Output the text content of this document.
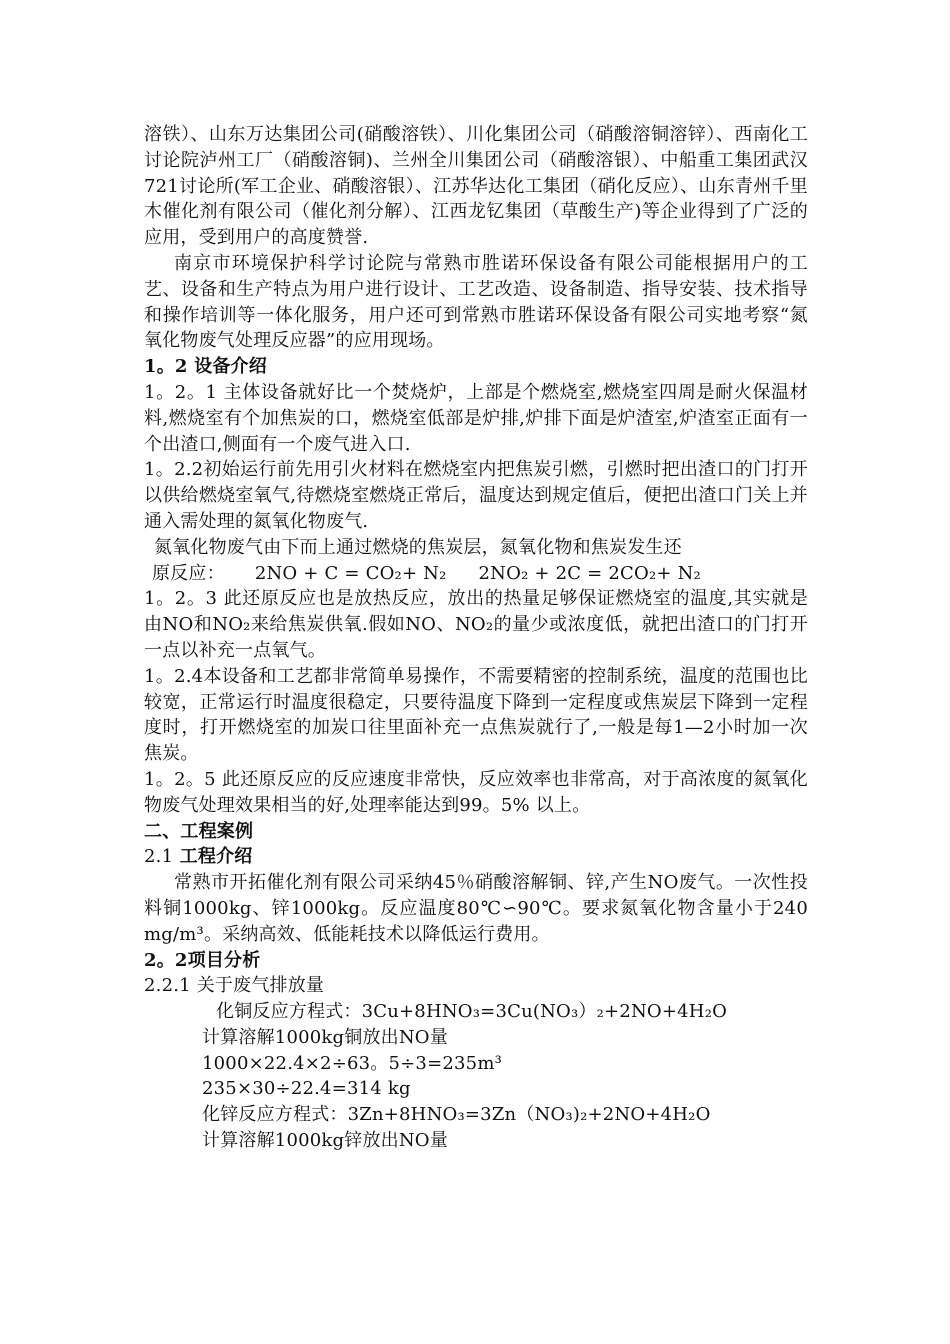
溶铁）、山东万达集团公司(硝酸溶铁）、川化集团公司（硝酸溶铜溶锌）、西南化工讨论院泸州工厂（硝酸溶铜)、兰州全川集团公司（硝酸溶银）、中船重工集团武汉721讨论所(军工企业、硝酸溶银）、江苏华达化工集团（硝化反应）、山东青州千里木催化剂有限公司（催化剂分解）、江西龙钇集团（草酸生产)等企业得到了广泛的应用，受到用户的高度赞誉.

南京市环境保护科学讨论院与常熟市胜诺环保设备有限公司能根据用户的工艺、设备和生产特点为用户进行设计、工艺改造、设备制造、指导安装、技术指导和操作培训等一体化服务，用户还可到常熟市胜诺环保设备有限公司实地考察“氮氧化物废气处理反应器”的应用现场。

1。2 设备介绍

1。2。1 主体设备就好比一个焚烧炉，上部是个燃烧室,燃烧室四周是耐火保温材料,燃烧室有个加焦炭的口，燃烧室低部是炉排,炉排下面是炉渣室,炉渣室正面有一个出渣口,侧面有一个废气进入口.

1。2.2初始运行前先用引火材料在燃烧室内把焦炭引燃，引燃时把出渣口的门打开以供给燃烧室氧气,待燃烧室燃烧正常后，温度达到规定值后，便把出渣口门关上并通入需处理的氮氧化物废气.

氮氧化物废气由下而上通过燃烧的焦炭层，氮氧化物和焦炭发生还

原反应： 2NO + C = CO₂+ N₂ 2NO₂ + 2C = 2CO₂+ N₂

1。2。3 此还原反应也是放热反应，放出的热量足够保证燃烧室的温度,其实就是由NO和NO₂来给焦炭供氧.假如NO、NO₂的量少或浓度低，就把出渣口的门打开一点以补充一点氧气。

1。2.4本设备和工艺都非常简单易操作，不需要精密的控制系统，温度的范围也比较宽，正常运行时温度很稳定，只要待温度下降到一定程度或焦炭层下降到一定程度时，打开燃烧室的加炭口往里面补充一点焦炭就行了,一般是每1—2小时加一次焦炭。

1。2。5 此还原反应的反应速度非常快，反应效率也非常高，对于高浓度的氮氧化物废气处理效果相当的好,处理率能达到99。5% 以上。

二、工程案例

2.1 工程介绍

常熟市开拓催化剂有限公司采纳45％硝酸溶解铜、锌,产生NO废气。一次性投料铜1000kg、锌1000kg。反应温度80℃∽90℃。要求氮氧化物含量小于240 mg/m³。采纳高效、低能耗技术以降低运行费用。

2。2项目分析

2.2.1 关于废气排放量

化铜反应方程式：3Cu+8HNO₃=3Cu(NO₃）₂+2NO+4H₂O

计算溶解1000kg铜放出NO量

1000×22.4×2÷63。5÷3=235m³

235×30÷22.4=314 kg

化锌反应方程式：3Zn+8HNO₃=3Zn（NO₃)₂+2NO+4H₂O

计算溶解1000kg锌放出NO量
